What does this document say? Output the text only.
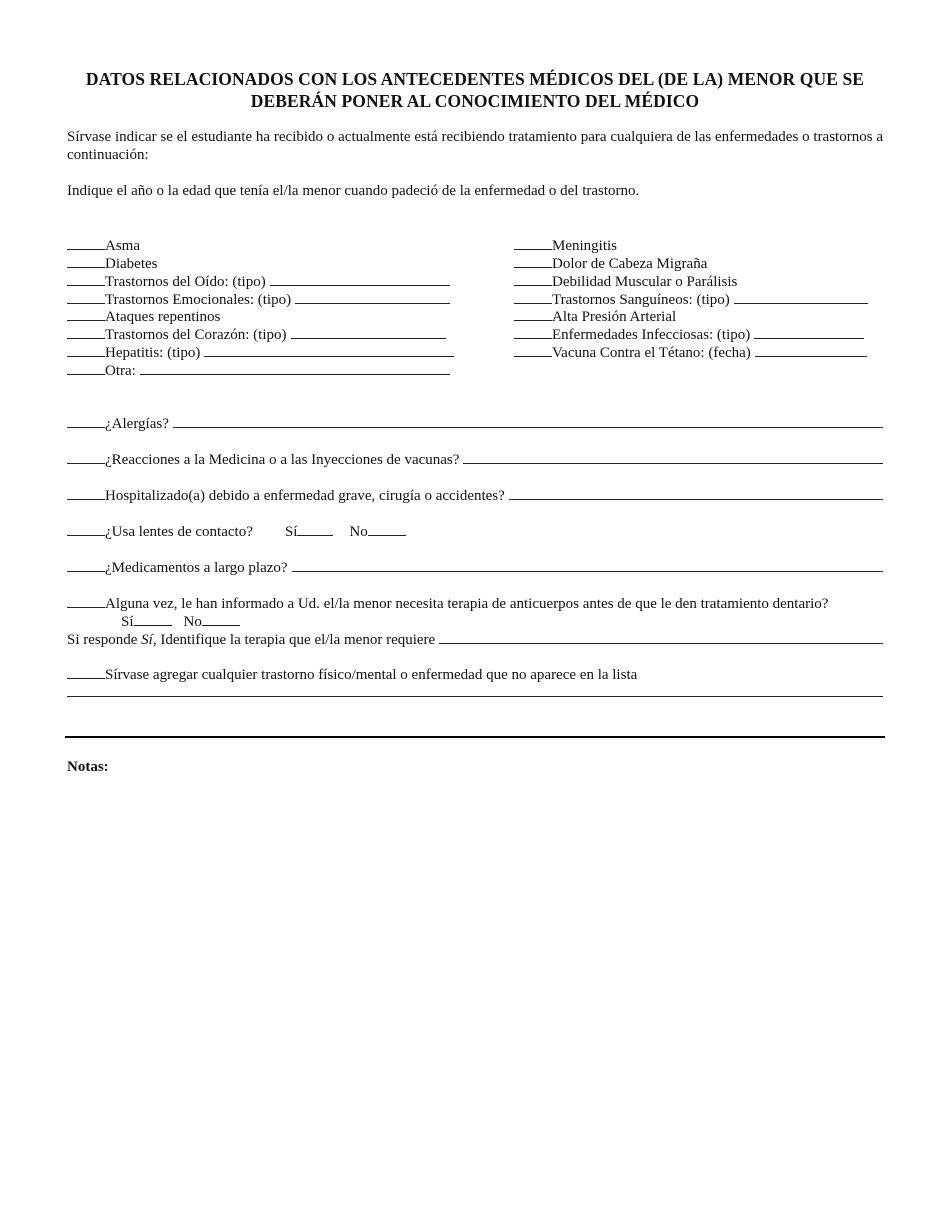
DATOS RELACIONADOS CON LOS ANTECEDENTES MÉDICOS DEL (DE LA) MENOR QUE SE DEBERÁN PONER AL CONOCIMIENTO DEL MÉDICO

Sírvase indicar se el estudiante ha recibido o actualmente está recibiendo tratamiento para cualquiera de las enfermedades o trastornos a continuación:

Indique el año o la edad que tenía el/la menor cuando padeció de la enfermedad o del trastorno.

Asma
Diabetes
Trastornos del Oído: (tipo)
Trastornos Emocionales: (tipo)
Ataques repentinos
Trastornos del Corazón: (tipo)
Hepatitis: (tipo)
Otra:
Meningitis
Dolor de Cabeza Migraña
Debilidad Muscular o Parálisis
Trastornos Sanguíneos: (tipo)
Alta Presión Arterial
Enfermedades Infecciosas: (tipo)
Vacuna Contra el Tétano: (fecha)
¿Alergías?
¿Reacciones a la Medicina o a las Inyecciones de vacunas?
Hospitalizado(a) debido a enfermedad grave, cirugía o accidentes?
¿Usa lentes de contacto? Sí	No
¿Medicamentos a largo plazo?
Alguna vez, le han informado a Ud. el/la menor necesita terapia de anticuerpos antes de que le den tratamiento dentario?
Sí	No
Si responde Sí , Identifique la terapia que el/la menor requiere
Sírvase agregar cualquier trastorno físico/mental o enfermedad que no aparece en la lista

Notas:
